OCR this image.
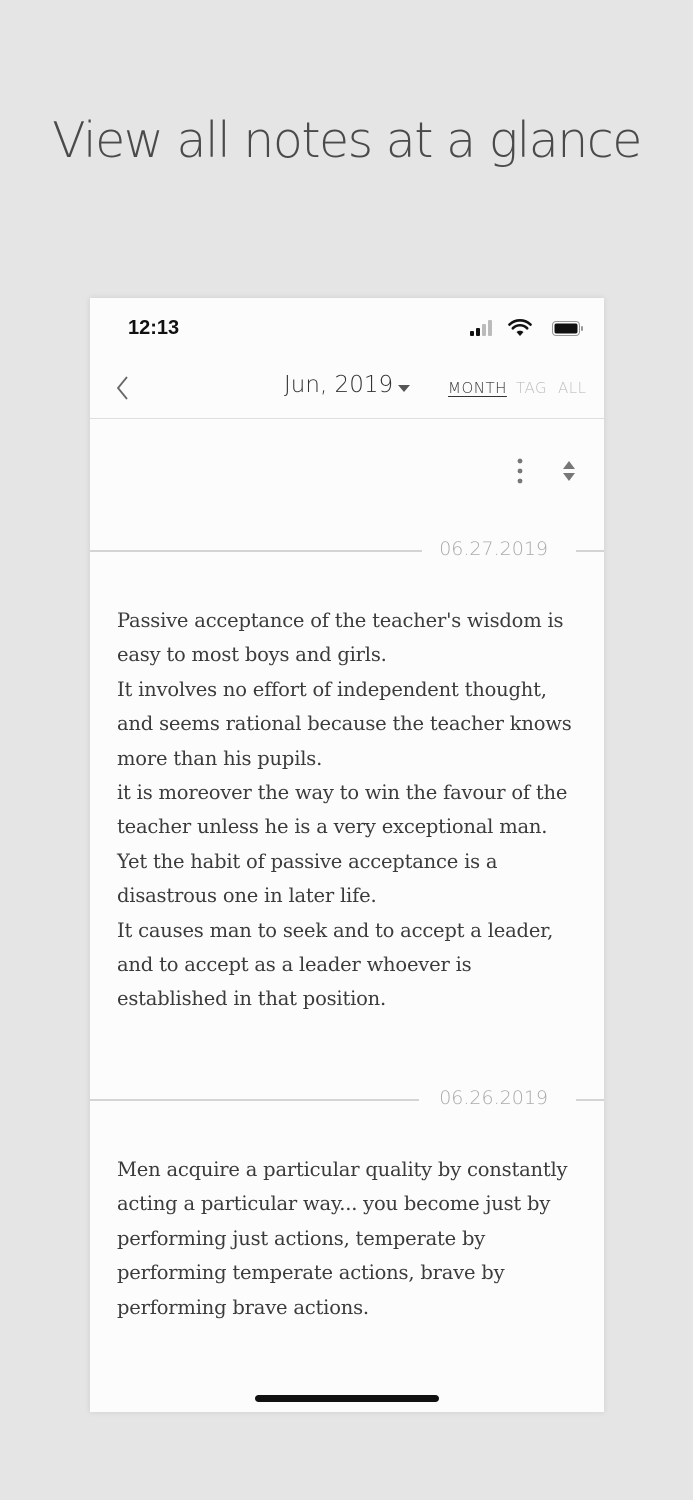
View all notes at a glance
12:13
Jun, 2019	MONTH TAG ALL
06.27.2019
Passive acceptance of the teacher's wisdom is easy to most boys and girls.
It involves no effort of independent thought, and seems rational because the teacher knows more than his pupils.
it is moreover the way to win the favour of the teacher unless he is a very exceptional man.
Yet the habit of passive acceptance is a disastrous one in later life.
It causes man to seek and to accept a leader, and to accept as a leader whoever is established in that position.
06.26.2019
Men acquire a particular quality by constantly acting a particular way... you become just by performing just actions, temperate by performing temperate actions, brave by performing brave actions.
